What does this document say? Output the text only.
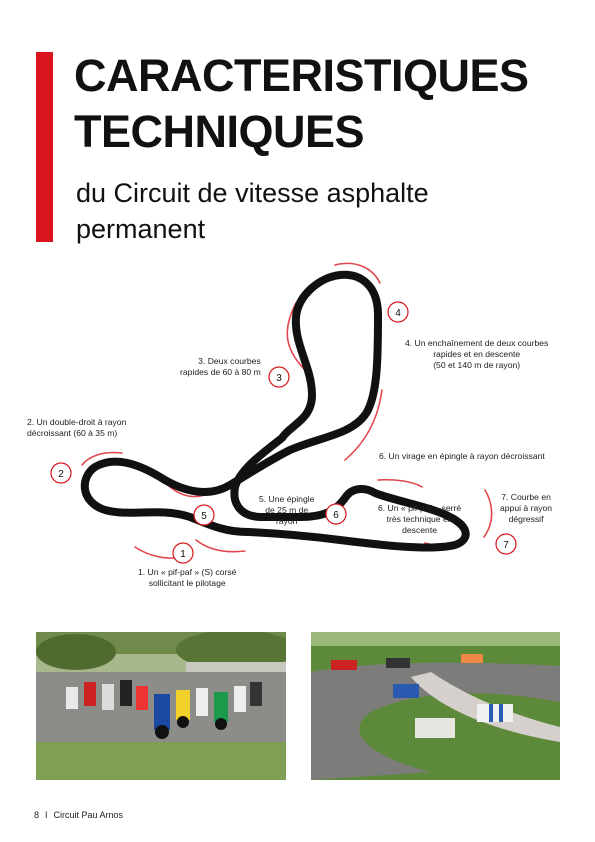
CARACTERISTIQUES
TECHNIQUES
du Circuit de vitesse asphalte
permanent
1
2
3
4
5	6
7
1. Un « pif-paf » (S) corsé
sollicitant le pilotage
2. Un double-droit à rayon
décroissant (60 à 35 m)
3. Deux courbes
rapides de 60 à 80 m
4. Un enchaînement de deux courbes
rapides et en descente
(50 et 140 m de rayon)
5. Une épingle
de 25 m de
rayon
6. Un virage en épingle à rayon décroissant
6. Un « pif-paf » serré
très technique en
descente
7. Courbe en
appui à rayon
dégressif
8 I Circuit Pau Arnos
